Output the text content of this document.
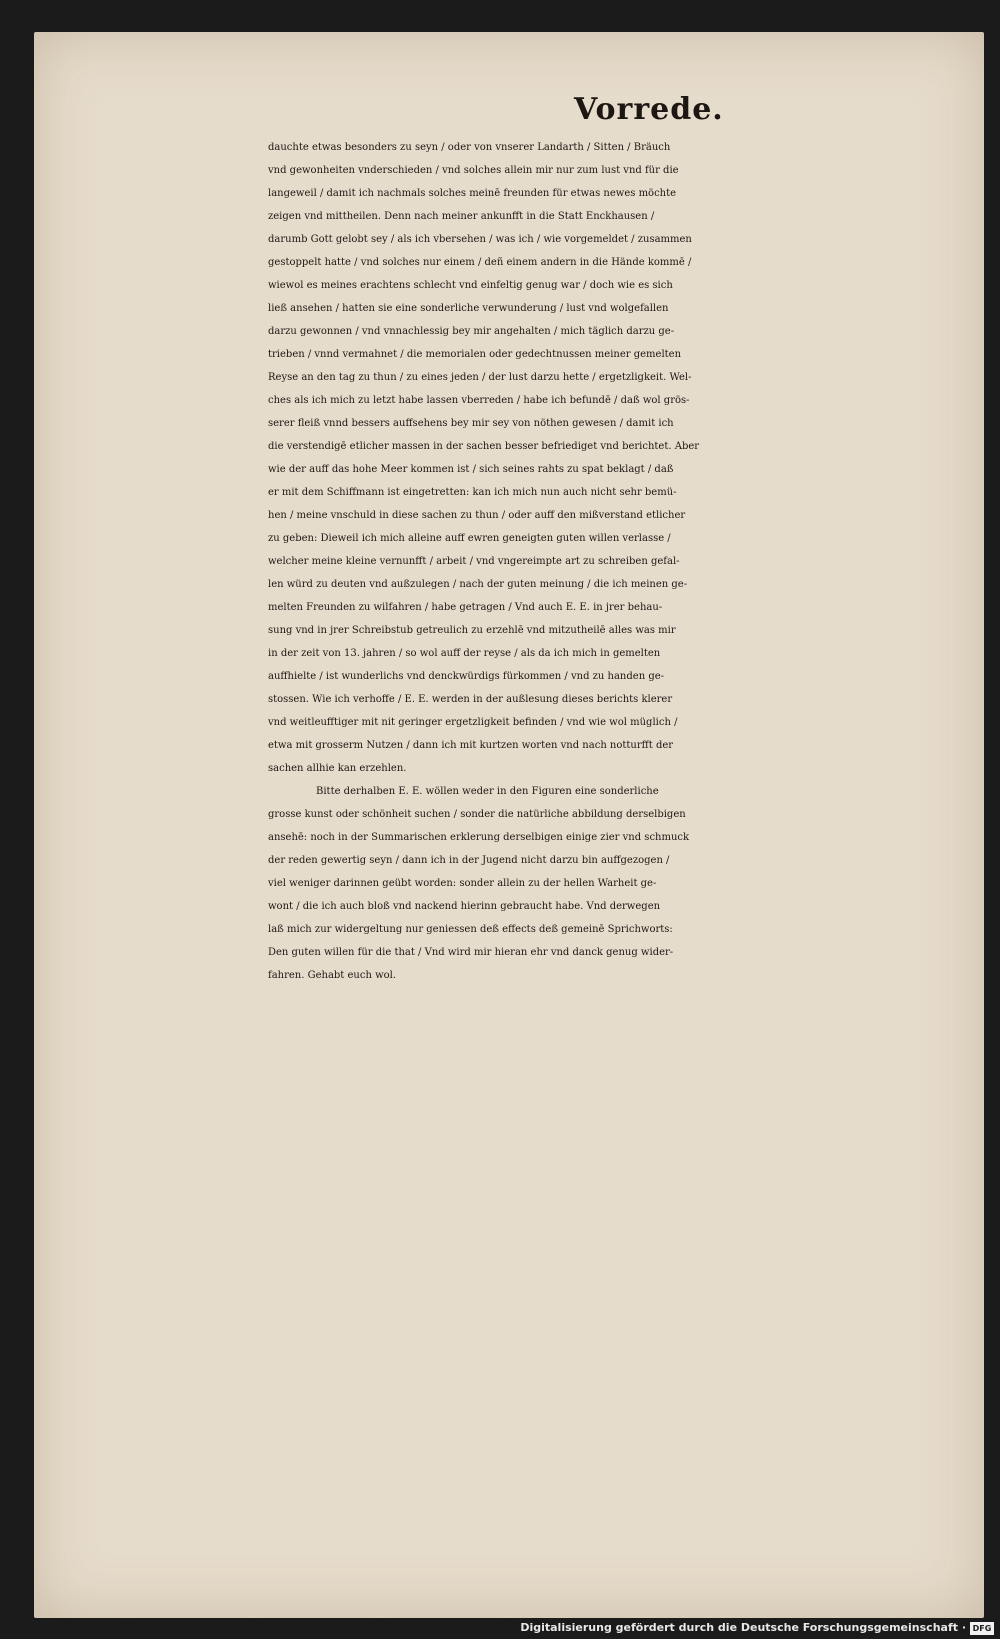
Vorrede.
dauchte etwas besonders zu seyn / oder von vnserer Landarth / Sitten / Bräuch
vnd gewonheiten vnderschieden / vnd solches allein mir nur zum lust vnd für die
langeweil / damit ich nachmals solches meinē freunden für etwas newes möchte
zeigen vnd mittheilen. Denn nach meiner ankunfft in die Statt Enckhausen /
darumb Gott gelobt sey / als ich vbersehen / was ich / wie vorgemeldet / zusammen
gestoppelt hatte / vnd solches nur einem / deñ einem andern in die Hände kommē /
wiewol es meines erachtens schlecht vnd einfeltig genug war / doch wie es sich
ließ ansehen / hatten sie eine sonderliche verwunderung / lust vnd wolgefallen
darzu gewonnen / vnd vnnachlessig bey mir angehalten / mich täglich darzu ge-
trieben / vnnd vermahnet / die memorialen oder gedechtnussen meiner gemelten
Reyse an den tag zu thun / zu eines jeden / der lust darzu hette / ergetzligkeit. Wel-
ches als ich mich zu letzt habe lassen vberreden / habe ich befundē / daß wol grös-
serer fleiß vnnd bessers auffsehens bey mir sey von nöthen gewesen / damit ich
die verstendigē etlicher massen in der sachen besser befriediget vnd berichtet. Aber
wie der auff das hohe Meer kommen ist / sich seines rahts zu spat beklagt / daß
er mit dem Schiffmann ist eingetretten: kan ich mich nun auch nicht sehr bemü-
hen / meine vnschuld in diese sachen zu thun / oder auff den mißverstand etlicher
zu geben: Dieweil ich mich alleine auff ewren geneigten guten willen verlasse /
welcher meine kleine vernunfft / arbeit / vnd vngereimpte art zu schreiben gefal-
len würd zu deuten vnd außzulegen / nach der guten meinung / die ich meinen ge-
melten Freunden zu wilfahren / habe getragen / Vnd auch E. E. in jrer behau-
sung vnd in jrer Schreibstub getreulich zu erzehlē vnd mitzutheilē alles was mir
in der zeit von 13. jahren / so wol auff der reyse / als da ich mich in gemelten
auffhielte / ist wunderlichs vnd denckwürdigs fürkommen / vnd zu handen ge-
stossen. Wie ich verhoffe / E. E. werden in der außlesung dieses berichts klerer
vnd weitleufftiger mit nit geringer ergetzligkeit befinden / vnd wie wol müglich /
etwa mit grosserm Nutzen / dann ich mit kurtzen worten vnd nach notturfft der
sachen allhie kan erzehlen.
Bitte derhalben E. E. wöllen weder in den Figuren eine sonderliche
grosse kunst oder schönheit suchen / sonder die natürliche abbildung derselbigen
ansehē: noch in der Summarischen erklerung derselbigen einige zier vnd schmuck
der reden gewertig seyn / dann ich in der Jugend nicht darzu bin auffgezogen /
viel weniger darinnen geübt worden: sonder allein zu der hellen Warheit ge-
wont / die ich auch bloß vnd nackend hierinn gebraucht habe. Vnd derwegen
laß mich zur widergeltung nur geniessen deß effects deß gemeinē Sprichworts:
Den guten willen für die that / Vnd wird mir hieran ehr vnd danck genug wider-
fahren. Gehabt euch wol.
Digitalisierung gefördert durch die Deutsche Forschungsgemeinschaft · DFG
